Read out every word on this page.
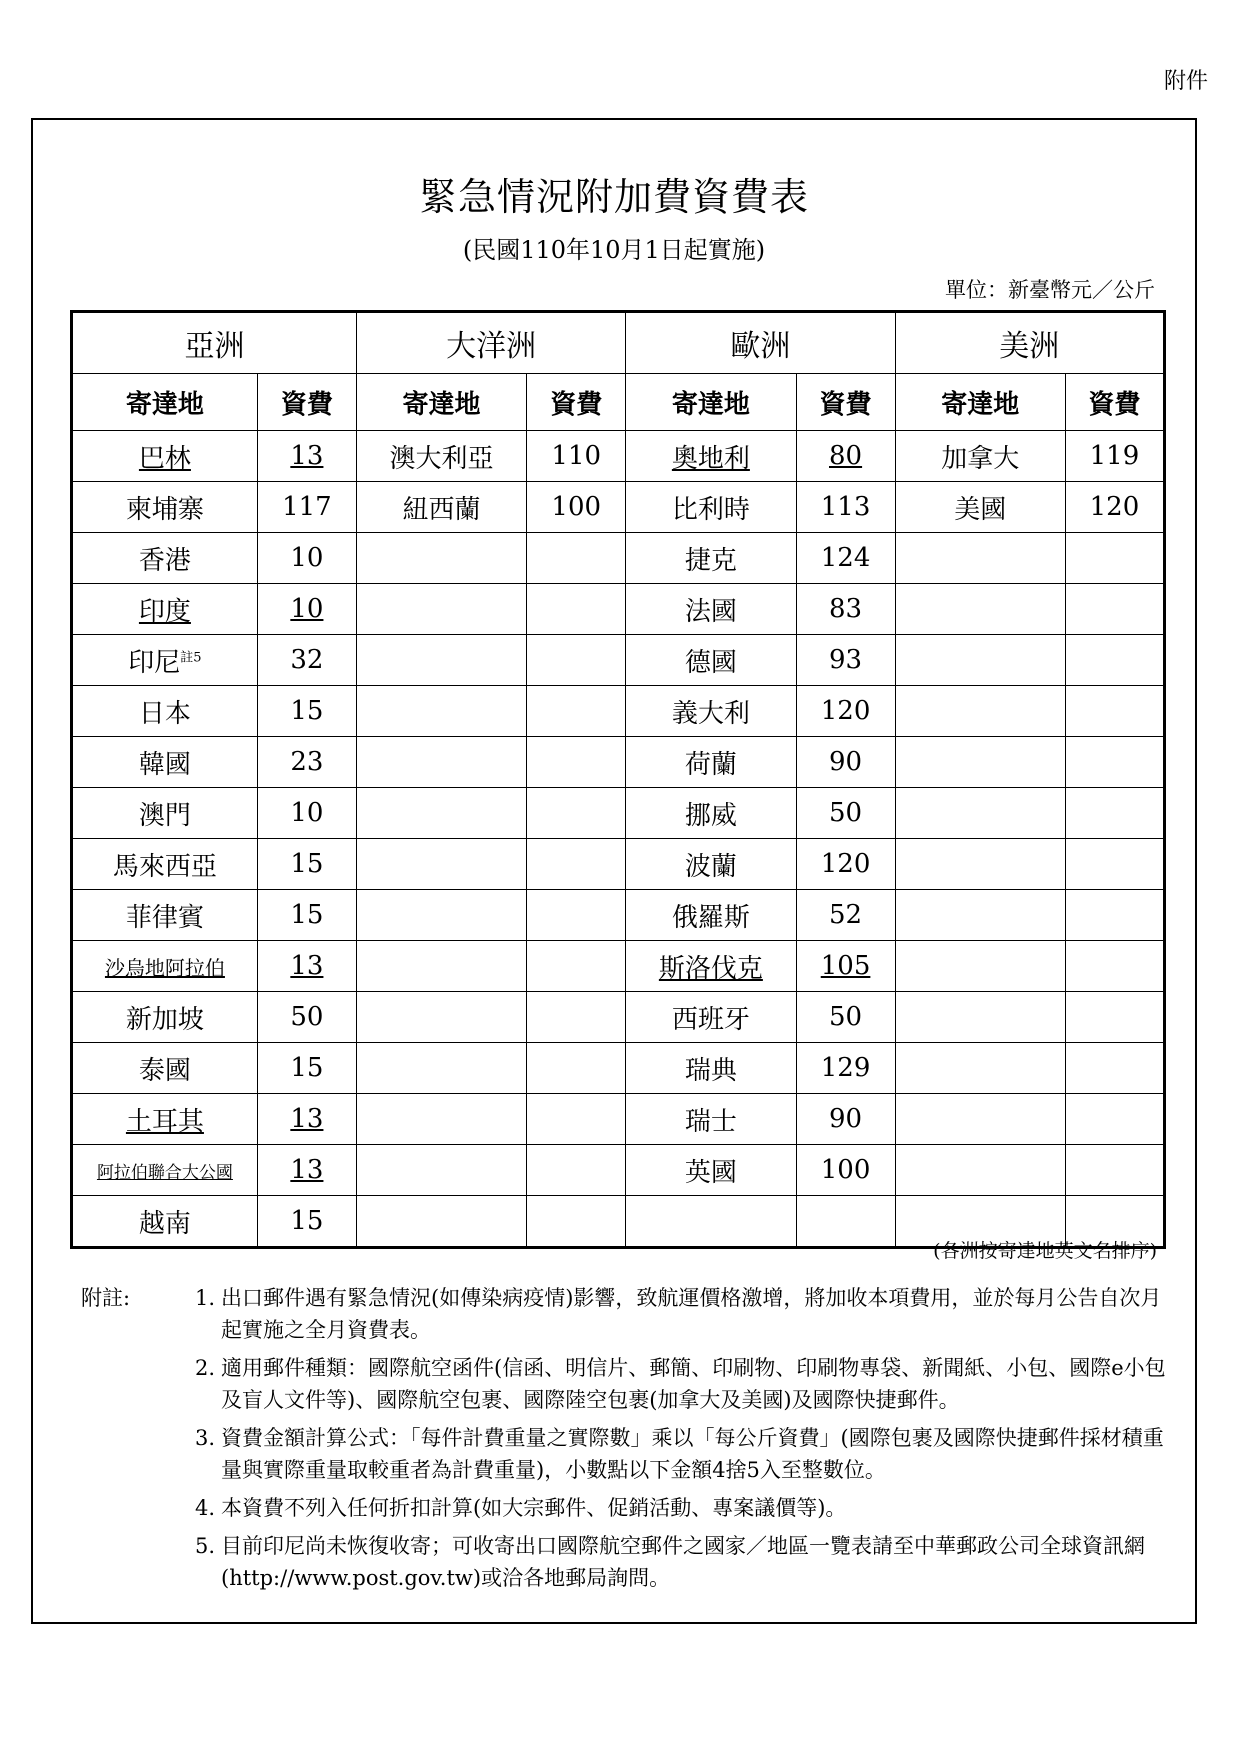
附件
緊急情況附加費資費表
(民國110年10月1日起實施)
單位：新臺幣元／公斤
亞洲		大洋洲		歐洲		美洲	
寄達地	資費	寄達地	資費	寄達地	資費	寄達地	資費
巴林	13	澳大利亞	110	奧地利	80	加拿大	119
柬埔寨	117	紐西蘭	100	比利時	113	美國	120
香港	10			捷克	124		
印度	10			法國	83		
印尼$^{註5}$	32			德國	93		
日本	15			義大利	120		
韓國	23			荷蘭	90		
澳門	10			挪威	50		
馬來西亞	15			波蘭	120		
菲律賓	15			俄羅斯	52		
沙烏地阿拉伯	13			斯洛伐克	105		
新加坡	50			西班牙	50		
泰國	15			瑞典	129		
土耳其	13			瑞士	90		
阿拉伯聯合大公國	13			英國	100		
越南	15						
(各洲按寄達地英文名排序)
附註:	1. 出口郵件遇有緊急情況(如傳染病疫情)影響，致航運價格激增，將加收本項費用，並於每月公告自次月起實施之全月資費表。
2. 適用郵件種類：國際航空函件(信函、明信片、郵簡、印刷物、印刷物專袋、新聞紙、小包、國際e小包及盲人文件等)、國際航空包裹、國際陸空包裹(加拿大及美國)及國際快捷郵件。
3. 資費金額計算公式：「每件計費重量之實際數」乘以「每公斤資費」(國際包裹及國際快捷郵件採材積重量與實際重量取較重者為計費重量)，小數點以下金額4捨5入至整數位。
4. 本資費不列入任何折扣計算(如大宗郵件、促銷活動、專案議價等)。
5. 目前印尼尚未恢復收寄；可收寄出口國際航空郵件之國家／地區一覽表請至中華郵政公司全球資訊網(http://www.post.gov.tw)或洽各地郵局詢問。
